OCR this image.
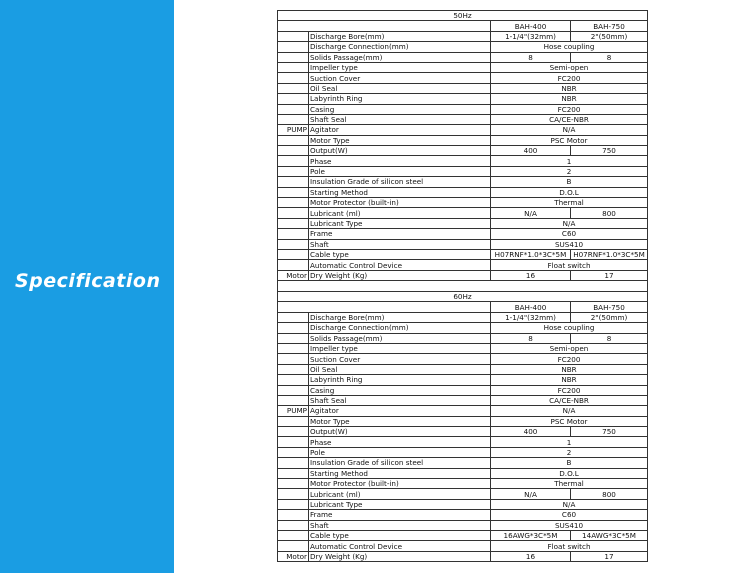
Specification
50Hz			
		BAH-400	BAH-750
	Discharge Bore(mm)	1-1/4"(32mm)	2"(50mm)
	Discharge Connection(mm)	Hose coupling	
	Solids Passage(mm)	8	8
	Impeller type	Semi-open	
	Suction Cover	FC200	
	Oil Seal	NBR	
	Labyrinth Ring	NBR	
	Casing	FC200	
	Shaft Seal	CA/CE-NBR	
PUMP	Agitator	N/A	
	Motor Type	PSC Motor	
	Output(W)	400	750
	Phase	1	
	Pole	2	
	Insulation Grade of silicon steel	B	
	Starting Method	D.O.L	
	Motor Protector (built-in)	Thermal	
	Lubricant (ml)	N/A	800
	Lubricant Type	N/A	
	Frame	C60	
	Shaft	SUS410	
	Cable type	H07RNF*1.0*3C*5M	H07RNF*1.0*3C*5M
	Automatic Control Device	Float switch	
Motor	Dry Weight (Kg)	16	17

60Hz			
		BAH-400	BAH-750
	Discharge Bore(mm)	1-1/4"(32mm)	2"(50mm)
	Discharge Connection(mm)	Hose coupling	
	Solids Passage(mm)	8	8
	Impeller type	Semi-open	
	Suction Cover	FC200	
	Oil Seal	NBR	
	Labyrinth Ring	NBR	
	Casing	FC200	
	Shaft Seal	CA/CE-NBR	
PUMP	Agitator	N/A	
	Motor Type	PSC Motor	
	Output(W)	400	750
	Phase	1	
	Pole	2	
	Insulation Grade of silicon steel	B	
	Starting Method	D.O.L	
	Motor Protector (built-in)	Thermal	
	Lubricant (ml)	N/A	800
	Lubricant Type	N/A	
	Frame	C60	
	Shaft	SUS410	
	Cable type	16AWG*3C*5M	14AWG*3C*5M
	Automatic Control Device	Float switch	
Motor	Dry Weight (Kg)	16	17
